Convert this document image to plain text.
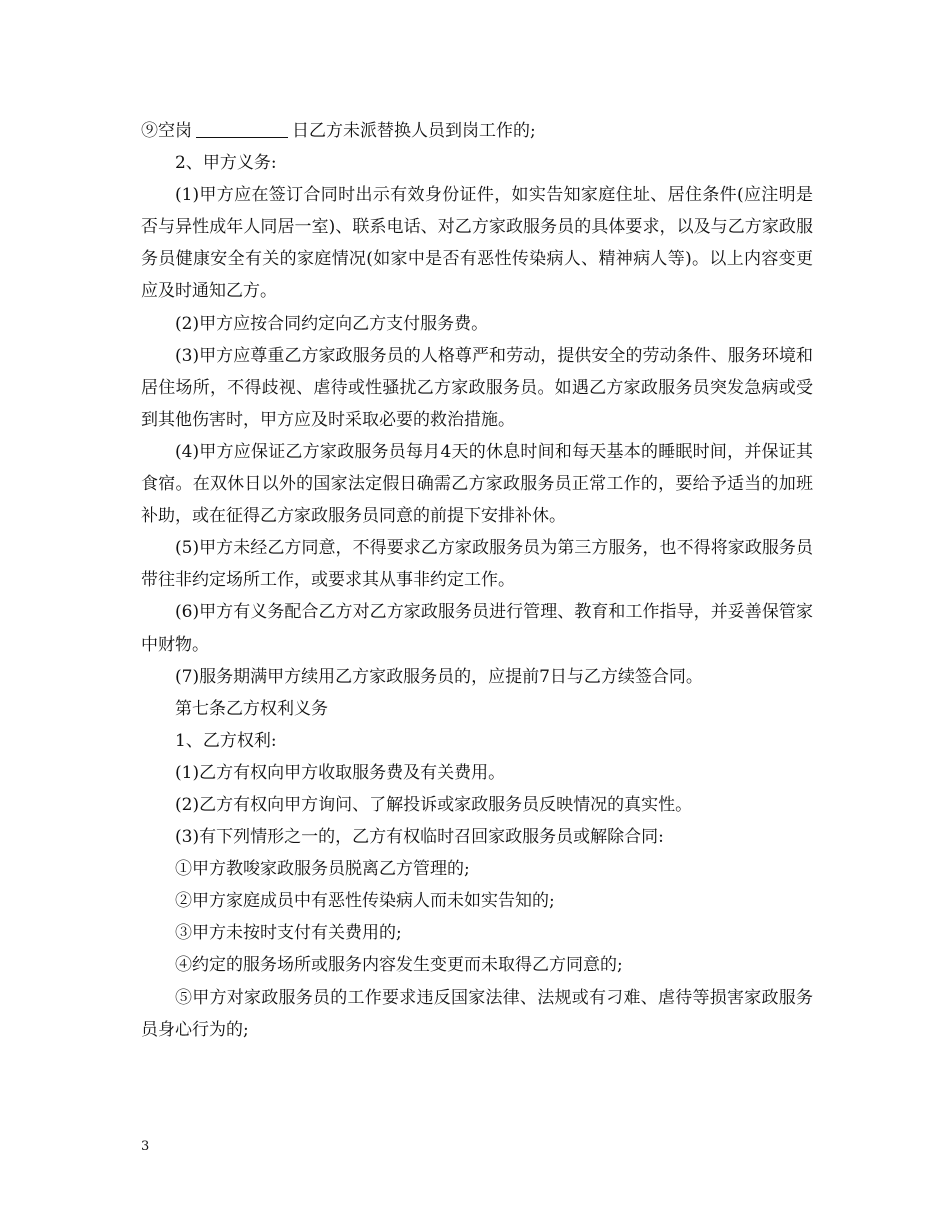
⑨空岗	日乙方未派替换人员到岗工作的;

2、甲方义务:

(1)甲方应在签订合同时出示有效身份证件，如实告知家庭住址、居住条件(应注明是否与异性成年人同居一室)、联系电话、对乙方家政服务员的具体要求，以及与乙方家政服务员健康安全有关的家庭情况(如家中是否有恶性传染病人、精神病人等)。以上内容变更应及时通知乙方。

(2)甲方应按合同约定向乙方支付服务费。

(3)甲方应尊重乙方家政服务员的人格尊严和劳动，提供安全的劳动条件、服务环境和居住场所，不得歧视、虐待或性骚扰乙方家政服务员。如遇乙方家政服务员突发急病或受到其他伤害时，甲方应及时采取必要的救治措施。

(4)甲方应保证乙方家政服务员每月4天的休息时间和每天基本的睡眠时间，并保证其食宿。在双休日以外的国家法定假日确需乙方家政服务员正常工作的，要给予适当的加班补助，或在征得乙方家政服务员同意的前提下安排补休。

(5)甲方未经乙方同意，不得要求乙方家政服务员为第三方服务，也不得将家政服务员带往非约定场所工作，或要求其从事非约定工作。

(6)甲方有义务配合乙方对乙方家政服务员进行管理、教育和工作指导，并妥善保管家中财物。

(7)服务期满甲方续用乙方家政服务员的，应提前7日与乙方续签合同。

第七条乙方权利义务

1、乙方权利:

(1)乙方有权向甲方收取服务费及有关费用。

(2)乙方有权向甲方询问、了解投诉或家政服务员反映情况的真实性。

(3)有下列情形之一的，乙方有权临时召回家政服务员或解除合同:

①甲方教唆家政服务员脱离乙方管理的;

②甲方家庭成员中有恶性传染病人而未如实告知的;

③甲方未按时支付有关费用的;

④约定的服务场所或服务内容发生变更而未取得乙方同意的;

⑤甲方对家政服务员的工作要求违反国家法律、法规或有刁难、虐待等损害家政服务员身心行为的;

3
